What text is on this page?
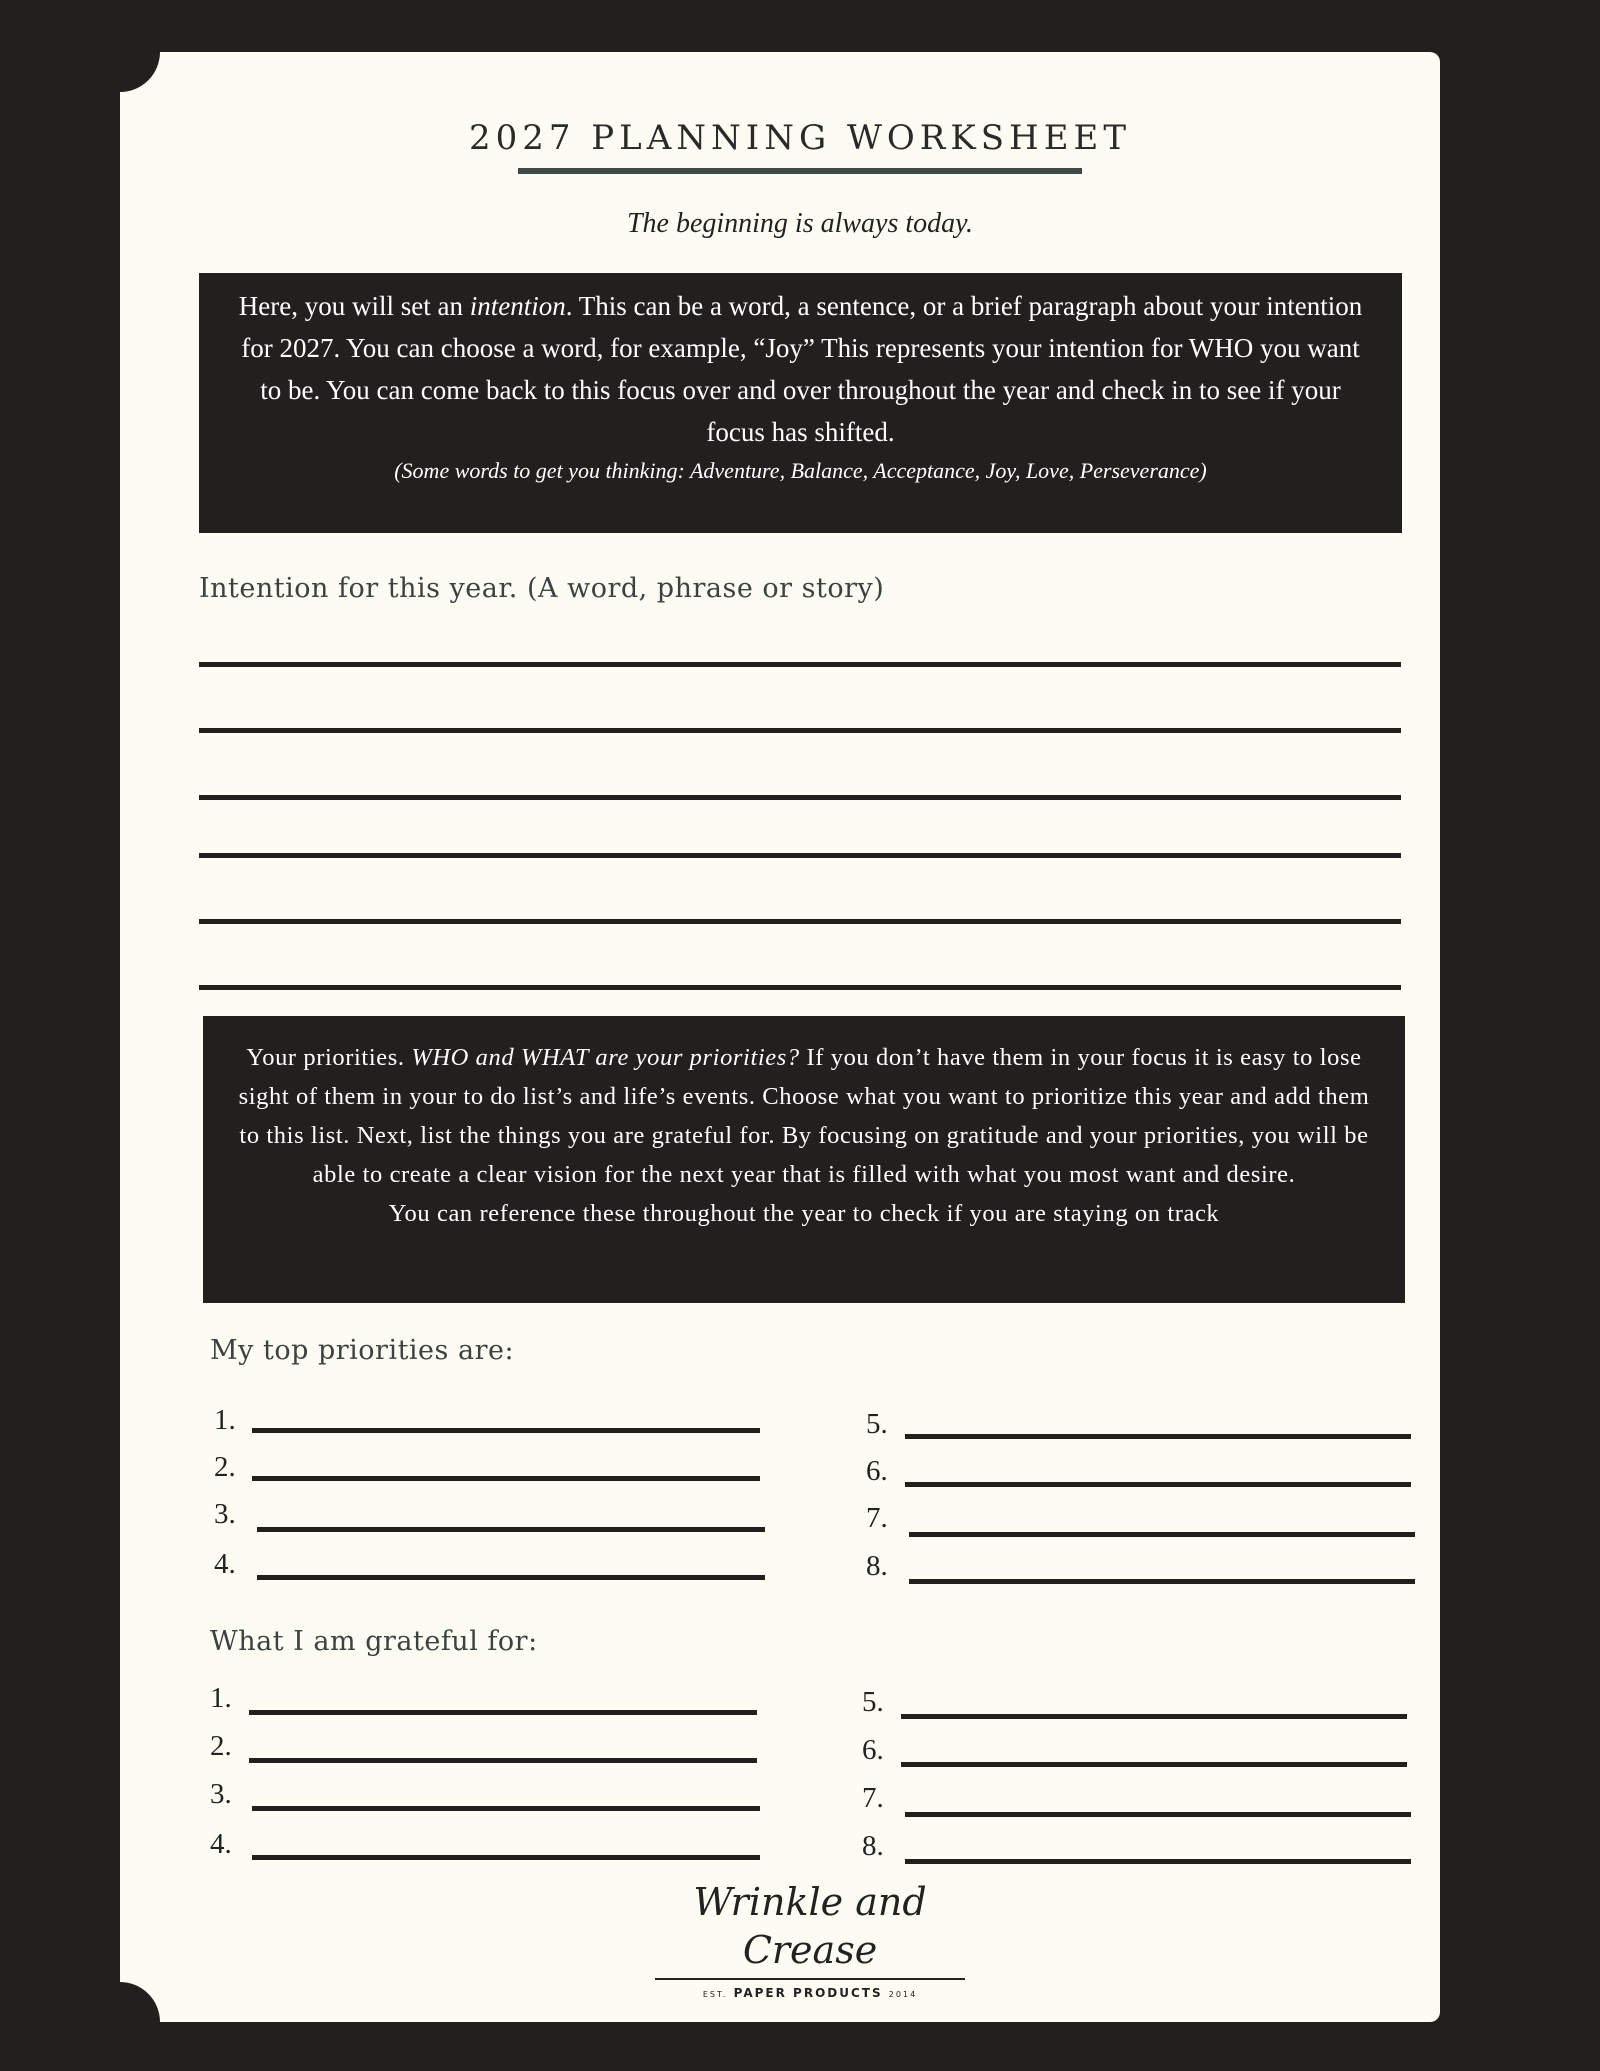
2027 PLANNING WORKSHEET
The beginning is always today.
Here, you will set an intention. This can be a word, a sentence, or a brief paragraph about your intention for 2027. You can choose a word, for example, “Joy” This represents your intention for WHO you want to be. You can come back to this focus over and over throughout the year and check in to see if your focus has shifted.
(Some words to get you thinking: Adventure, Balance, Acceptance, Joy, Love, Perseverance)
Intention for this year. (A word, phrase or story)
Your priorities. WHO and WHAT are your priorities? If you don’t have them in your focus it is easy to lose sight of them in your to do list’s and life’s events. Choose what you want to prioritize this year and add them to this list. Next, list the things you are grateful for. By focusing on gratitude and your priorities, you will be able to create a clear vision for the next year that is filled with what you most want and desire.
You can reference these throughout the year to check if you are staying on track
My top priorities are:
1.
2.
3.
4.
5.
6.
7.
8.
What I am grateful for:
1.
2.
3.
4.
5.
6.
7.
8.
Wrinkle and Crease
EST. PAPER PRODUCTS 2014
